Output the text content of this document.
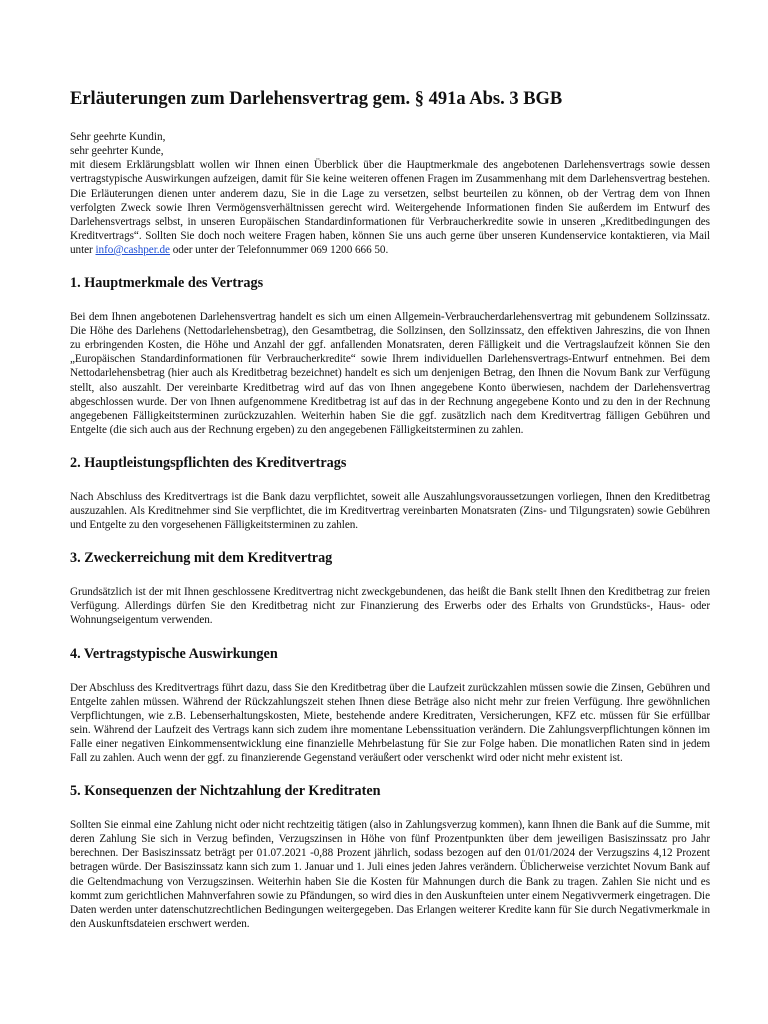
Erläuterungen zum Darlehensvertrag gem. § 491a Abs. 3 BGB
Sehr geehrte Kundin,
sehr geehrter Kunde,

mit diesem Erklärungsblatt wollen wir Ihnen einen Überblick über die Hauptmerkmale des angebotenen Darlehensvertrags sowie dessen vertragstypische Auswirkungen aufzeigen, damit für Sie keine weiteren offenen Fragen im Zusammenhang mit dem Darlehensvertrag bestehen. Die Erläuterungen dienen unter anderem dazu, Sie in die Lage zu versetzen, selbst beurteilen zu können, ob der Vertrag dem von Ihnen verfolgten Zweck sowie Ihren Vermögensverhältnissen gerecht wird. Weitergehende Informationen finden Sie außerdem im Entwurf des Darlehensvertrags selbst, in unseren Europäischen Standardinformationen für Verbraucherkredite sowie in unseren „Kreditbedingungen des Kreditvertrags“. Sollten Sie doch noch weitere Fragen haben, können Sie uns auch gerne über unseren Kundenservice kontaktieren, via Mail unter info@cashper.de oder unter der Telefonnummer 069 1200 666 50.

1. Hauptmerkmale des Vertrags

Bei dem Ihnen angebotenen Darlehensvertrag handelt es sich um einen Allgemein-Verbraucherdarlehensvertrag mit gebundenem Sollzinssatz. Die Höhe des Darlehens (Nettodarlehensbetrag), den Gesamtbetrag, die Sollzinsen, den Sollzinssatz, den effektiven Jahreszins, die von Ihnen zu erbringenden Kosten, die Höhe und Anzahl der ggf. anfallenden Monatsraten, deren Fälligkeit und die Vertragslaufzeit können Sie den „Europäischen Standardinformationen für Verbraucherkredite“ sowie Ihrem individuellen Darlehensvertrags-Entwurf entnehmen. Bei dem Nettodarlehensbetrag (hier auch als Kreditbetrag bezeichnet) handelt es sich um denjenigen Betrag, den Ihnen die Novum Bank zur Verfügung stellt, also auszahlt. Der vereinbarte Kreditbetrag wird auf das von Ihnen angegebene Konto überwiesen, nachdem der Darlehensvertrag abgeschlossen wurde. Der von Ihnen aufgenommene Kreditbetrag ist auf das in der Rechnung angegebene Konto und zu den in der Rechnung angegebenen Fälligkeitsterminen zurückzuzahlen. Weiterhin haben Sie die ggf. zusätzlich nach dem Kreditvertrag fälligen Gebühren und Entgelte (die sich auch aus der Rechnung ergeben) zu den angegebenen Fälligkeitsterminen zu zahlen.

2. Hauptleistungspflichten des Kreditvertrags

Nach Abschluss des Kreditvertrags ist die Bank dazu verpflichtet, soweit alle Auszahlungsvoraussetzungen vorliegen, Ihnen den Kreditbetrag auszuzahlen. Als Kreditnehmer sind Sie verpflichtet, die im Kreditvertrag vereinbarten Monatsraten (Zins- und Tilgungsraten) sowie Gebühren und Entgelte zu den vorgesehenen Fälligkeitsterminen zu zahlen.

3. Zweckerreichung mit dem Kreditvertrag

Grundsätzlich ist der mit Ihnen geschlossene Kreditvertrag nicht zweckgebundenen, das heißt die Bank stellt Ihnen den Kreditbetrag zur freien Verfügung. Allerdings dürfen Sie den Kreditbetrag nicht zur Finanzierung des Erwerbs oder des Erhalts von Grundstücks-, Haus- oder Wohnungseigentum verwenden.

4. Vertragstypische Auswirkungen

Der Abschluss des Kreditvertrags führt dazu, dass Sie den Kreditbetrag über die Laufzeit zurückzahlen müssen sowie die Zinsen, Gebühren und Entgelte zahlen müssen. Während der Rückzahlungszeit stehen Ihnen diese Beträge also nicht mehr zur freien Verfügung. Ihre gewöhnlichen Verpflichtungen, wie z.B. Lebenserhaltungskosten, Miete, bestehende andere Kreditraten, Versicherungen, KFZ etc. müssen für Sie erfüllbar sein. Während der Laufzeit des Vertrags kann sich zudem ihre momentane Lebenssituation verändern. Die Zahlungsverpflichtungen können im Falle einer negativen Einkommensentwicklung eine finanzielle Mehrbelastung für Sie zur Folge haben. Die monatlichen Raten sind in jedem Fall zu zahlen. Auch wenn der ggf. zu finanzierende Gegenstand veräußert oder verschenkt wird oder nicht mehr existent ist.

5. Konsequenzen der Nichtzahlung der Kreditraten

Sollten Sie einmal eine Zahlung nicht oder nicht rechtzeitig tätigen (also in Zahlungsverzug kommen), kann Ihnen die Bank auf die Summe, mit deren Zahlung Sie sich in Verzug befinden, Verzugszinsen in Höhe von fünf Prozentpunkten über dem jeweiligen Basiszinssatz pro Jahr berechnen. Der Basiszinssatz beträgt per 01.07.2021 -0,88 Prozent jährlich, sodass bezogen auf den 01/01/2024 der Verzugszins 4,12 Prozent betragen würde. Der Basiszinssatz kann sich zum 1. Januar und 1. Juli eines jeden Jahres verändern. Üblicherweise verzichtet Novum Bank auf die Geltendmachung von Verzugszinsen. Weiterhin haben Sie die Kosten für Mahnungen durch die Bank zu tragen. Zahlen Sie nicht und es kommt zum gerichtlichen Mahnverfahren sowie zu Pfändungen, so wird dies in den Auskunfteien unter einem Negativvermerk eingetragen. Die Daten werden unter datenschutzrechtlichen Bedingungen weitergegeben. Das Erlangen weiterer Kredite kann für Sie durch Negativmerkmale in den Auskunftsdateien erschwert werden.
